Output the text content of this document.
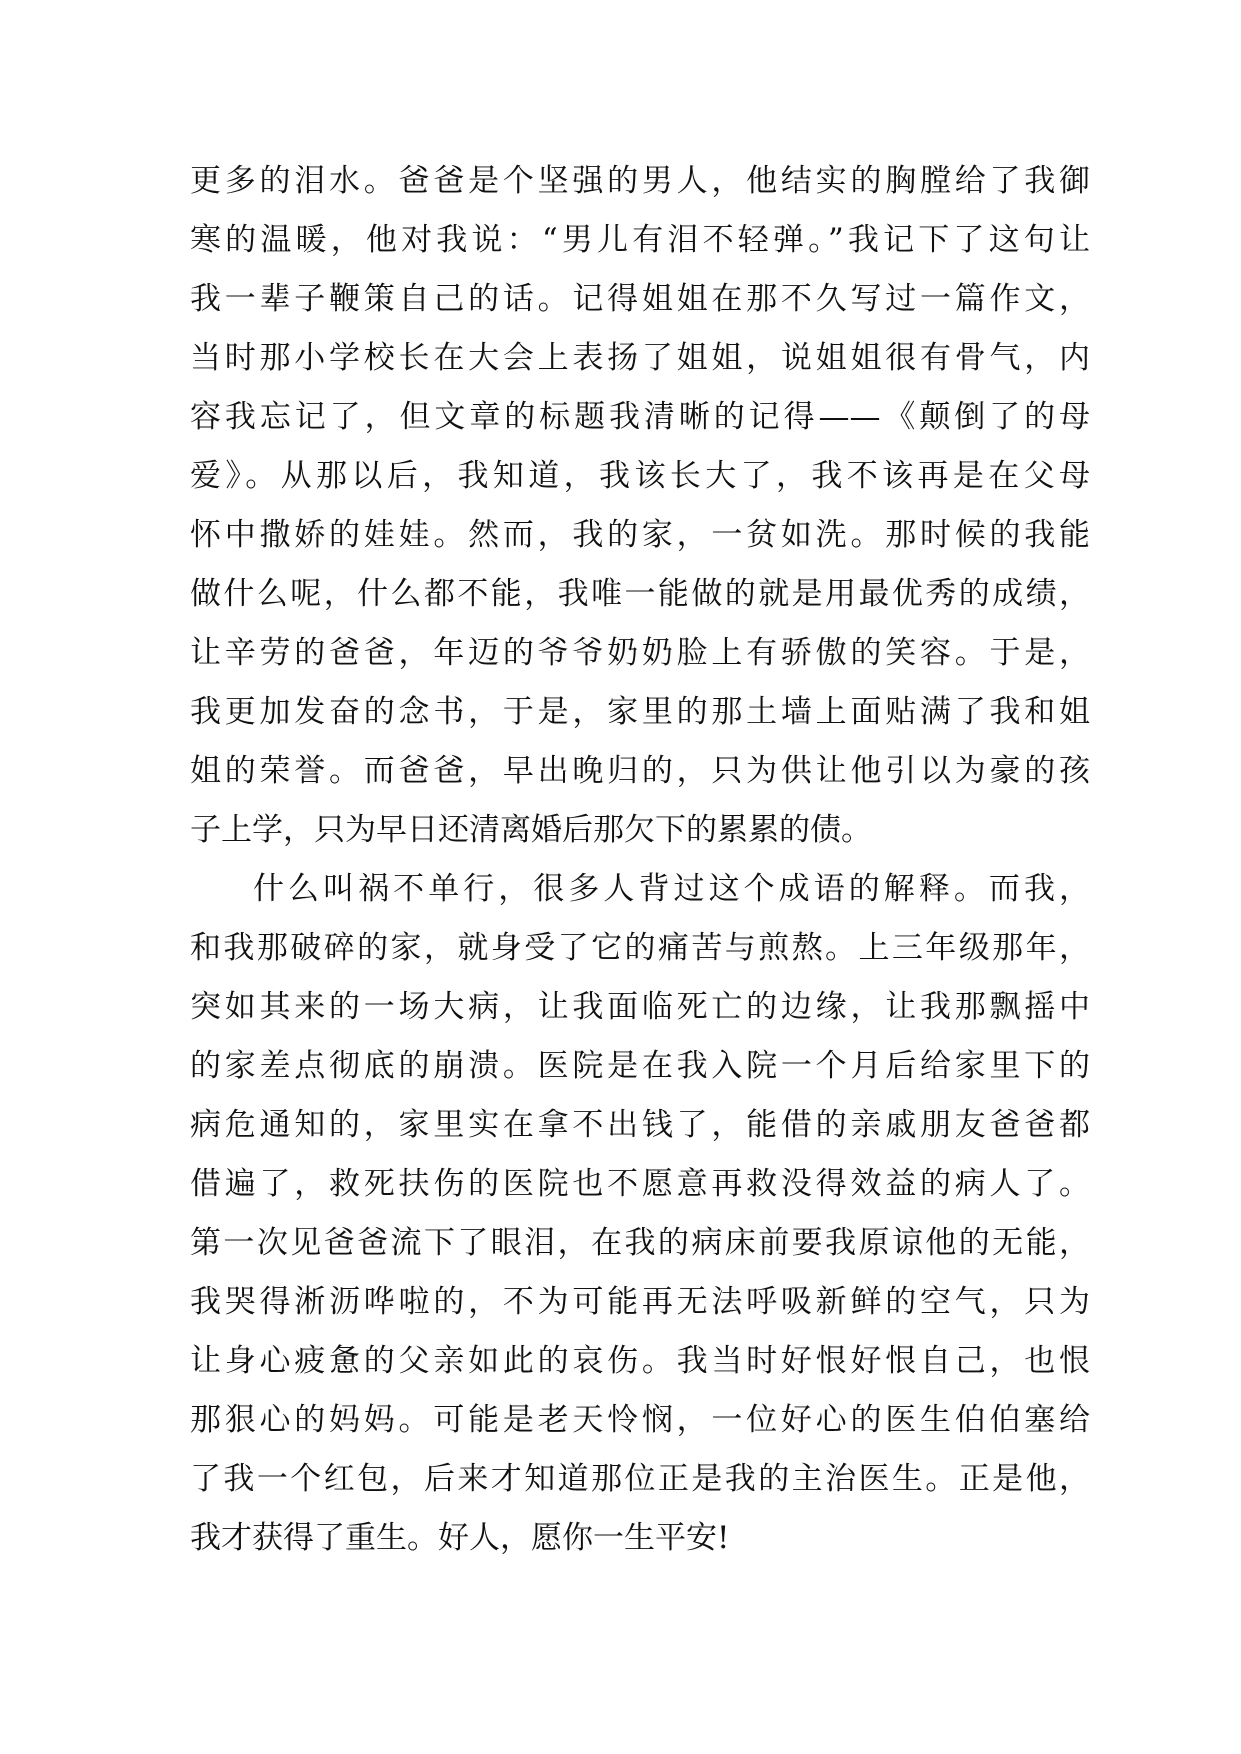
更多的泪水。爸爸是个坚强的男人，他结实的胸膛给了我御
寒的温暖，他对我说：“男儿有泪不轻弹。”我记下了这句让
我一辈子鞭策自己的话。记得姐姐在那不久写过一篇作文，
当时那小学校长在大会上表扬了姐姐，说姐姐很有骨气，内
容我忘记了，但文章的标题我清晰的记得——《颠倒了的母
爱》。从那以后，我知道，我该长大了，我不该再是在父母
怀中撒娇的娃娃。然而，我的家，一贫如洗。那时候的我能
做什么呢，什么都不能，我唯一能做的就是用最优秀的成绩，
让辛劳的爸爸，年迈的爷爷奶奶脸上有骄傲的笑容。于是，
我更加发奋的念书，于是，家里的那土墙上面贴满了我和姐
姐的荣誉。而爸爸，早出晚归的，只为供让他引以为豪的孩
子上学，只为早日还清离婚后那欠下的累累的债。
什么叫祸不单行，很多人背过这个成语的解释。而我，
和我那破碎的家，就身受了它的痛苦与煎熬。上三年级那年，
突如其来的一场大病，让我面临死亡的边缘，让我那飘摇中
的家差点彻底的崩溃。医院是在我入院一个月后给家里下的
病危通知的，家里实在拿不出钱了，能借的亲戚朋友爸爸都
借遍了，救死扶伤的医院也不愿意再救没得效益的病人了。
第一次见爸爸流下了眼泪，在我的病床前要我原谅他的无能，
我哭得淅沥哗啦的，不为可能再无法呼吸新鲜的空气，只为
让身心疲惫的父亲如此的哀伤。我当时好恨好恨自己，也恨
那狠心的妈妈。可能是老天怜悯，一位好心的医生伯伯塞给
了我一个红包，后来才知道那位正是我的主治医生。正是他，
我才获得了重生。好人，愿你一生平安!
